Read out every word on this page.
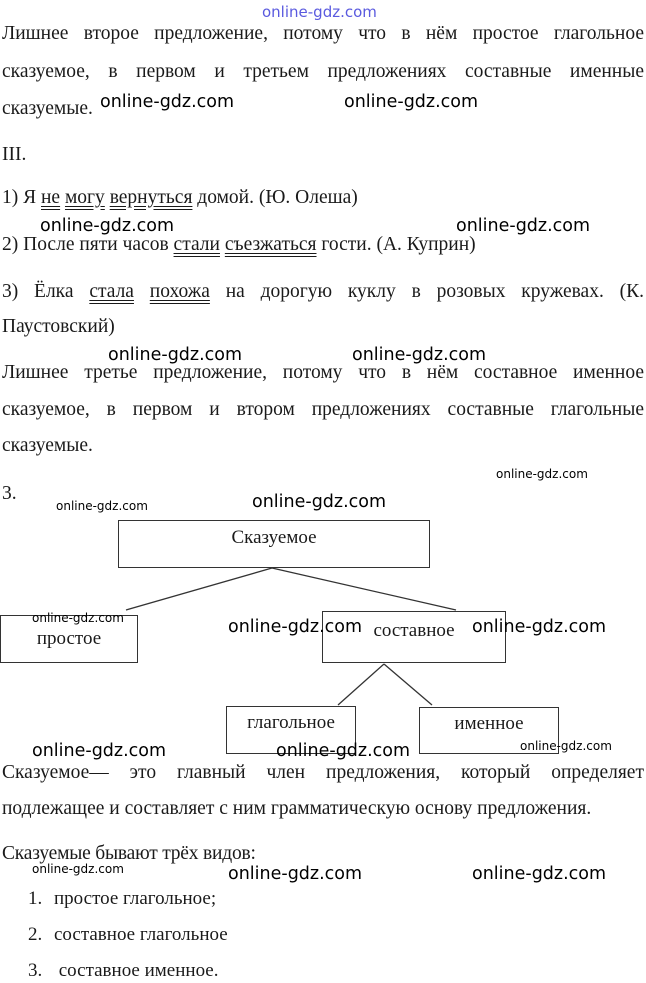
online-gdz.com

Лишнее второе предложение, потому что в нём простое глагольное

сказуемое, в первом и третьем предложениях составные именные

сказуемые.

III.

1) Я не могу вернуться домой. (Ю. Олеша)

2) После пяти часов стали съезжаться гости. (А. Куприн)

3) Ёлка стала похожа на дорогую куклу в розовых кружевах. (К.

Паустовский)

Лишнее третье предложение, потому что в нём составное именное

сказуемое, в первом и втором предложениях составные глагольные

сказуемые.

3.

Сказуемое
простое	составное
глагольное	именное

Сказуемое— это главный член предложения, который определяет

подлежащее и составляет с ним грамматическую основу предложения.

Сказуемые бывают трёх видов:

1. простое глагольное;
2. составное глагольное
3. составное именное.
online-gdz.com	online-gdz.com
online-gdz.com	online-gdz.com
online-gdz.com	online-gdz.com
online-gdz.com
online-gdz.com	online-gdz.com
online-gdz.com	online-gdz.com	online-gdz.com
online-gdz.com	online-gdz.com	online-gdz.com
online-gdz.com	online-gdz.com	online-gdz.com
